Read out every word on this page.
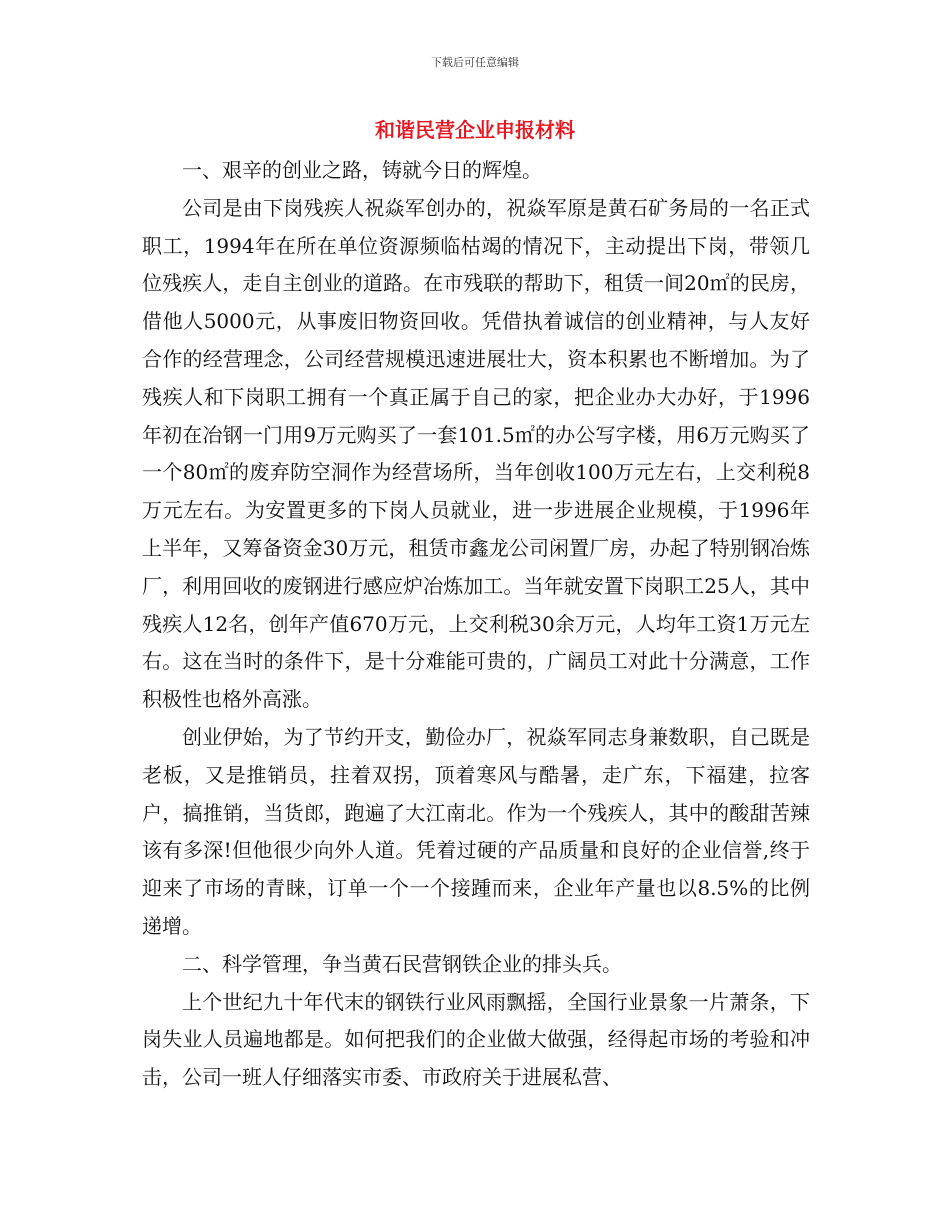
下载后可任意编辑
和谐民营企业申报材料

一、艰辛的创业之路，铸就今日的辉煌。

公司是由下岗残疾人祝焱军创办的，祝焱军原是黄石矿务局的一名正式职工，1994年在所在单位资源频临枯竭的情况下，主动提出下岗，带领几位残疾人，走自主创业的道路。在市残联的帮助下，租赁一间20㎡的民房，借他人5000元，从事废旧物资回收。凭借执着诚信的创业精神，与人友好合作的经营理念，公司经营规模迅速进展壮大，资本积累也不断增加。为了残疾人和下岗职工拥有一个真正属于自己的家，把企业办大办好，于1996年初在冶钢一门用9万元购买了一套101.5㎡的办公写字楼，用6万元购买了一个80㎡的废弃防空洞作为经营场所，当年创收100万元左右，上交利税8万元左右。为安置更多的下岗人员就业，进一步进展企业规模，于1996年上半年，又筹备资金30万元，租赁市鑫龙公司闲置厂房，办起了特别钢冶炼厂，利用回收的废钢进行感应炉冶炼加工。当年就安置下岗职工25人，其中残疾人12名，创年产值670万元，上交利税30余万元，人均年工资1万元左右。这在当时的条件下，是十分难能可贵的，广阔员工对此十分满意，工作积极性也格外高涨。

创业伊始，为了节约开支，勤俭办厂，祝焱军同志身兼数职，自己既是老板，又是推销员，拄着双拐，顶着寒风与酷暑，走广东，下福建，拉客户，搞推销，当货郎，跑遍了大江南北。作为一个残疾人，其中的酸甜苦辣该有多深!但他很少向外人道。凭着过硬的产品质量和良好的企业信誉,终于迎来了市场的青睐，订单一个一个接踵而来，企业年产量也以8.5%的比例递增。

二、科学管理，争当黄石民营钢铁企业的排头兵。

上个世纪九十年代末的钢铁行业风雨飘摇，全国行业景象一片萧条，下岗失业人员遍地都是。如何把我们的企业做大做强，经得起市场的考验和冲击，公司一班人仔细落实市委、市政府关于进展私营、
